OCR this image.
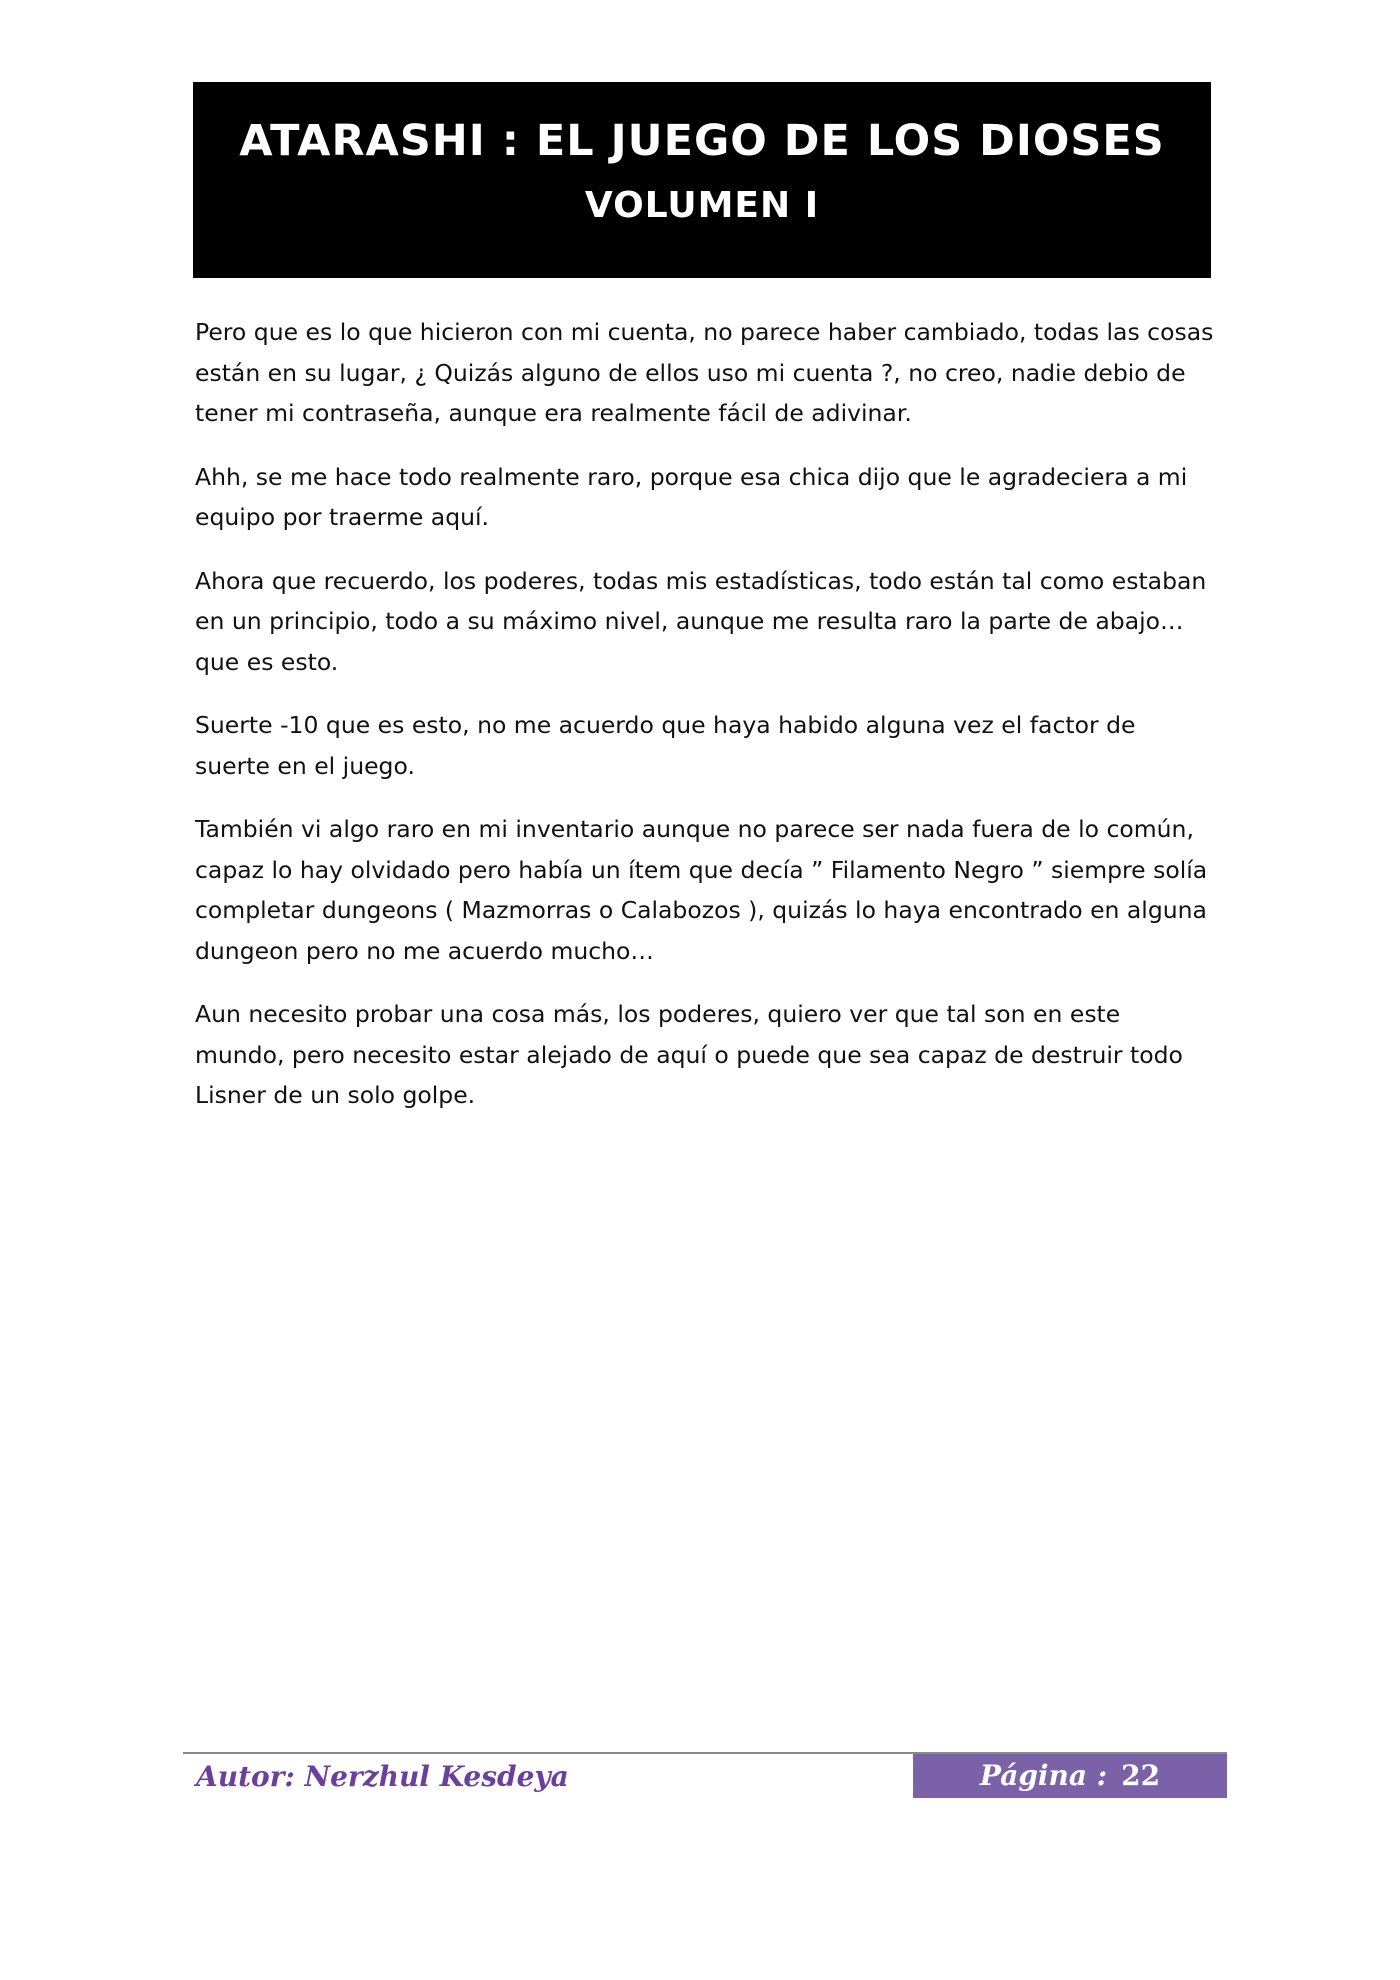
ATARASHI : EL JUEGO DE LOS DIOSES
VOLUMEN I

Pero que es lo que hicieron con mi cuenta, no parece haber cambiado, todas las cosas están en su lugar, ¿ Quizás alguno de ellos uso mi cuenta ?, no creo, nadie debio de tener mi contraseña, aunque era realmente fácil de adivinar.

Ahh, se me hace todo realmente raro, porque esa chica dijo que le agradeciera a mi equipo por traerme aquí.

Ahora que recuerdo, los poderes, todas mis estadísticas, todo están tal como estaban en un principio, todo a su máximo nivel, aunque me resulta raro la parte de abajo… que es esto.

Suerte -10 que es esto, no me acuerdo que haya habido alguna vez el factor de suerte en el juego.

También vi algo raro en mi inventario aunque no parece ser nada fuera de lo común, capaz lo hay olvidado pero había un ítem que decía ” Filamento Negro ” siempre solía completar dungeons ( Mazmorras o Calabozos ), quizás lo haya encontrado en alguna dungeon pero no me acuerdo mucho…

Aun necesito probar una cosa más, los poderes, quiero ver que tal son en este mundo, pero necesito estar alejado de aquí o puede que sea capaz de destruir todo Lisner de un solo golpe.

Autor: Nerzhul Kesdeya	Página : 22
